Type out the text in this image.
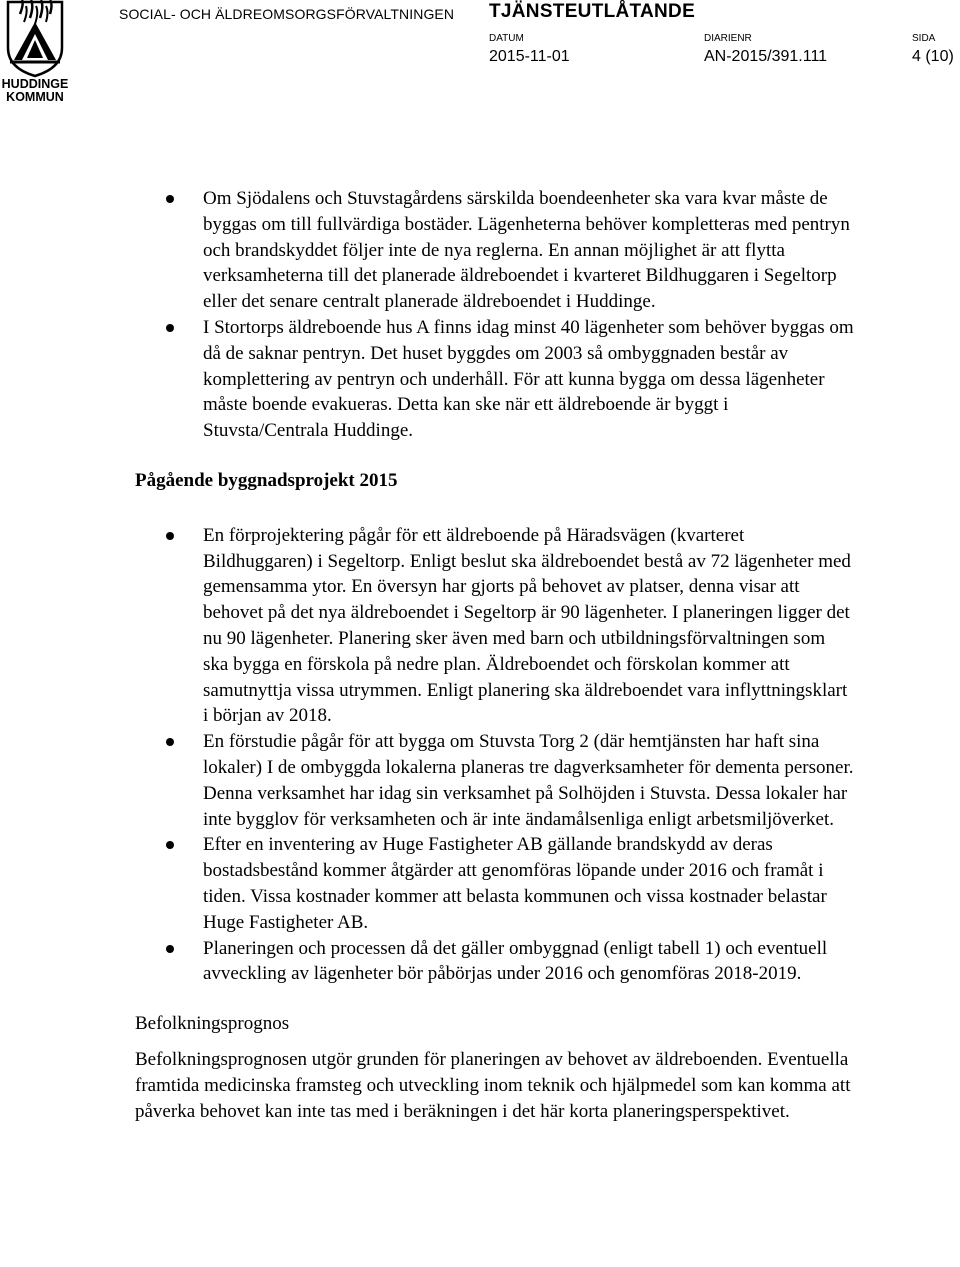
HUDDINGE
KOMMUN
SOCIAL- OCH ÄLDREOMSORGSFÖRVALTNINGEN TJÄNSTEUTLÅTANDE
DATUM
2015-11-01
DIARIENR
AN-2015/391.111
SIDA
4 (10)
Om Sjödalens och Stuvstagårdens särskilda boendeenheter ska vara kvar måste de byggas om till fullvärdiga bostäder. Lägenheterna behöver kompletteras med pentryn och brandskyddet följer inte de nya reglerna. En annan möjlighet är att flytta verksamheterna till det planerade äldreboendet i kvarteret Bildhuggaren i Segeltorp eller det senare centralt planerade äldreboendet i Huddinge.
I Stortorps äldreboende hus A finns idag minst 40 lägenheter som behöver byggas om då de saknar pentryn. Det huset byggdes om 2003 så ombyggnaden består av komplettering av pentryn och underhåll. För att kunna bygga om dessa lägenheter måste boende evakueras. Detta kan ske när ett äldreboende är byggt i Stuvsta/Centrala Huddinge.

Pågående byggnadsprojekt 2015

En förprojektering pågår för ett äldreboende på Häradsvägen (kvarteret Bildhuggaren) i Segeltorp. Enligt beslut ska äldreboendet bestå av 72 lägenheter med gemensamma ytor. En översyn har gjorts på behovet av platser, denna visar att behovet på det nya äldreboendet i Segeltorp är 90 lägenheter. I planeringen ligger det nu 90 lägenheter. Planering sker även med barn och utbildningsförvaltningen som ska bygga en förskola på nedre plan. Äldreboendet och förskolan kommer att samutnyttja vissa utrymmen. Enligt planering ska äldreboendet vara inflyttningsklart i början av 2018.
En förstudie pågår för att bygga om Stuvsta Torg 2 (där hemtjänsten har haft sina lokaler) I de ombyggda lokalerna planeras tre dagverksamheter för dementa personer. Denna verksamhet har idag sin verksamhet på Solhöjden i Stuvsta. Dessa lokaler har inte bygglov för verksamheten och är inte ändamålsenliga enligt arbetsmiljöverket.
Efter en inventering av Huge Fastigheter AB gällande brandskydd av deras bostadsbestånd kommer åtgärder att genomföras löpande under 2016 och framåt i tiden. Vissa kostnader kommer att belasta kommunen och vissa kostnader belastar Huge Fastigheter AB.
Planeringen och processen då det gäller ombyggnad (enligt tabell 1) och eventuell avveckling av lägenheter bör påbörjas under 2016 och genomföras 2018-2019.

Befolkningsprognos

Befolkningsprognosen utgör grunden för planeringen av behovet av äldreboenden. Eventuella framtida medicinska framsteg och utveckling inom teknik och hjälpmedel som kan komma att påverka behovet kan inte tas med i beräkningen i det här korta planeringsperspektivet.
